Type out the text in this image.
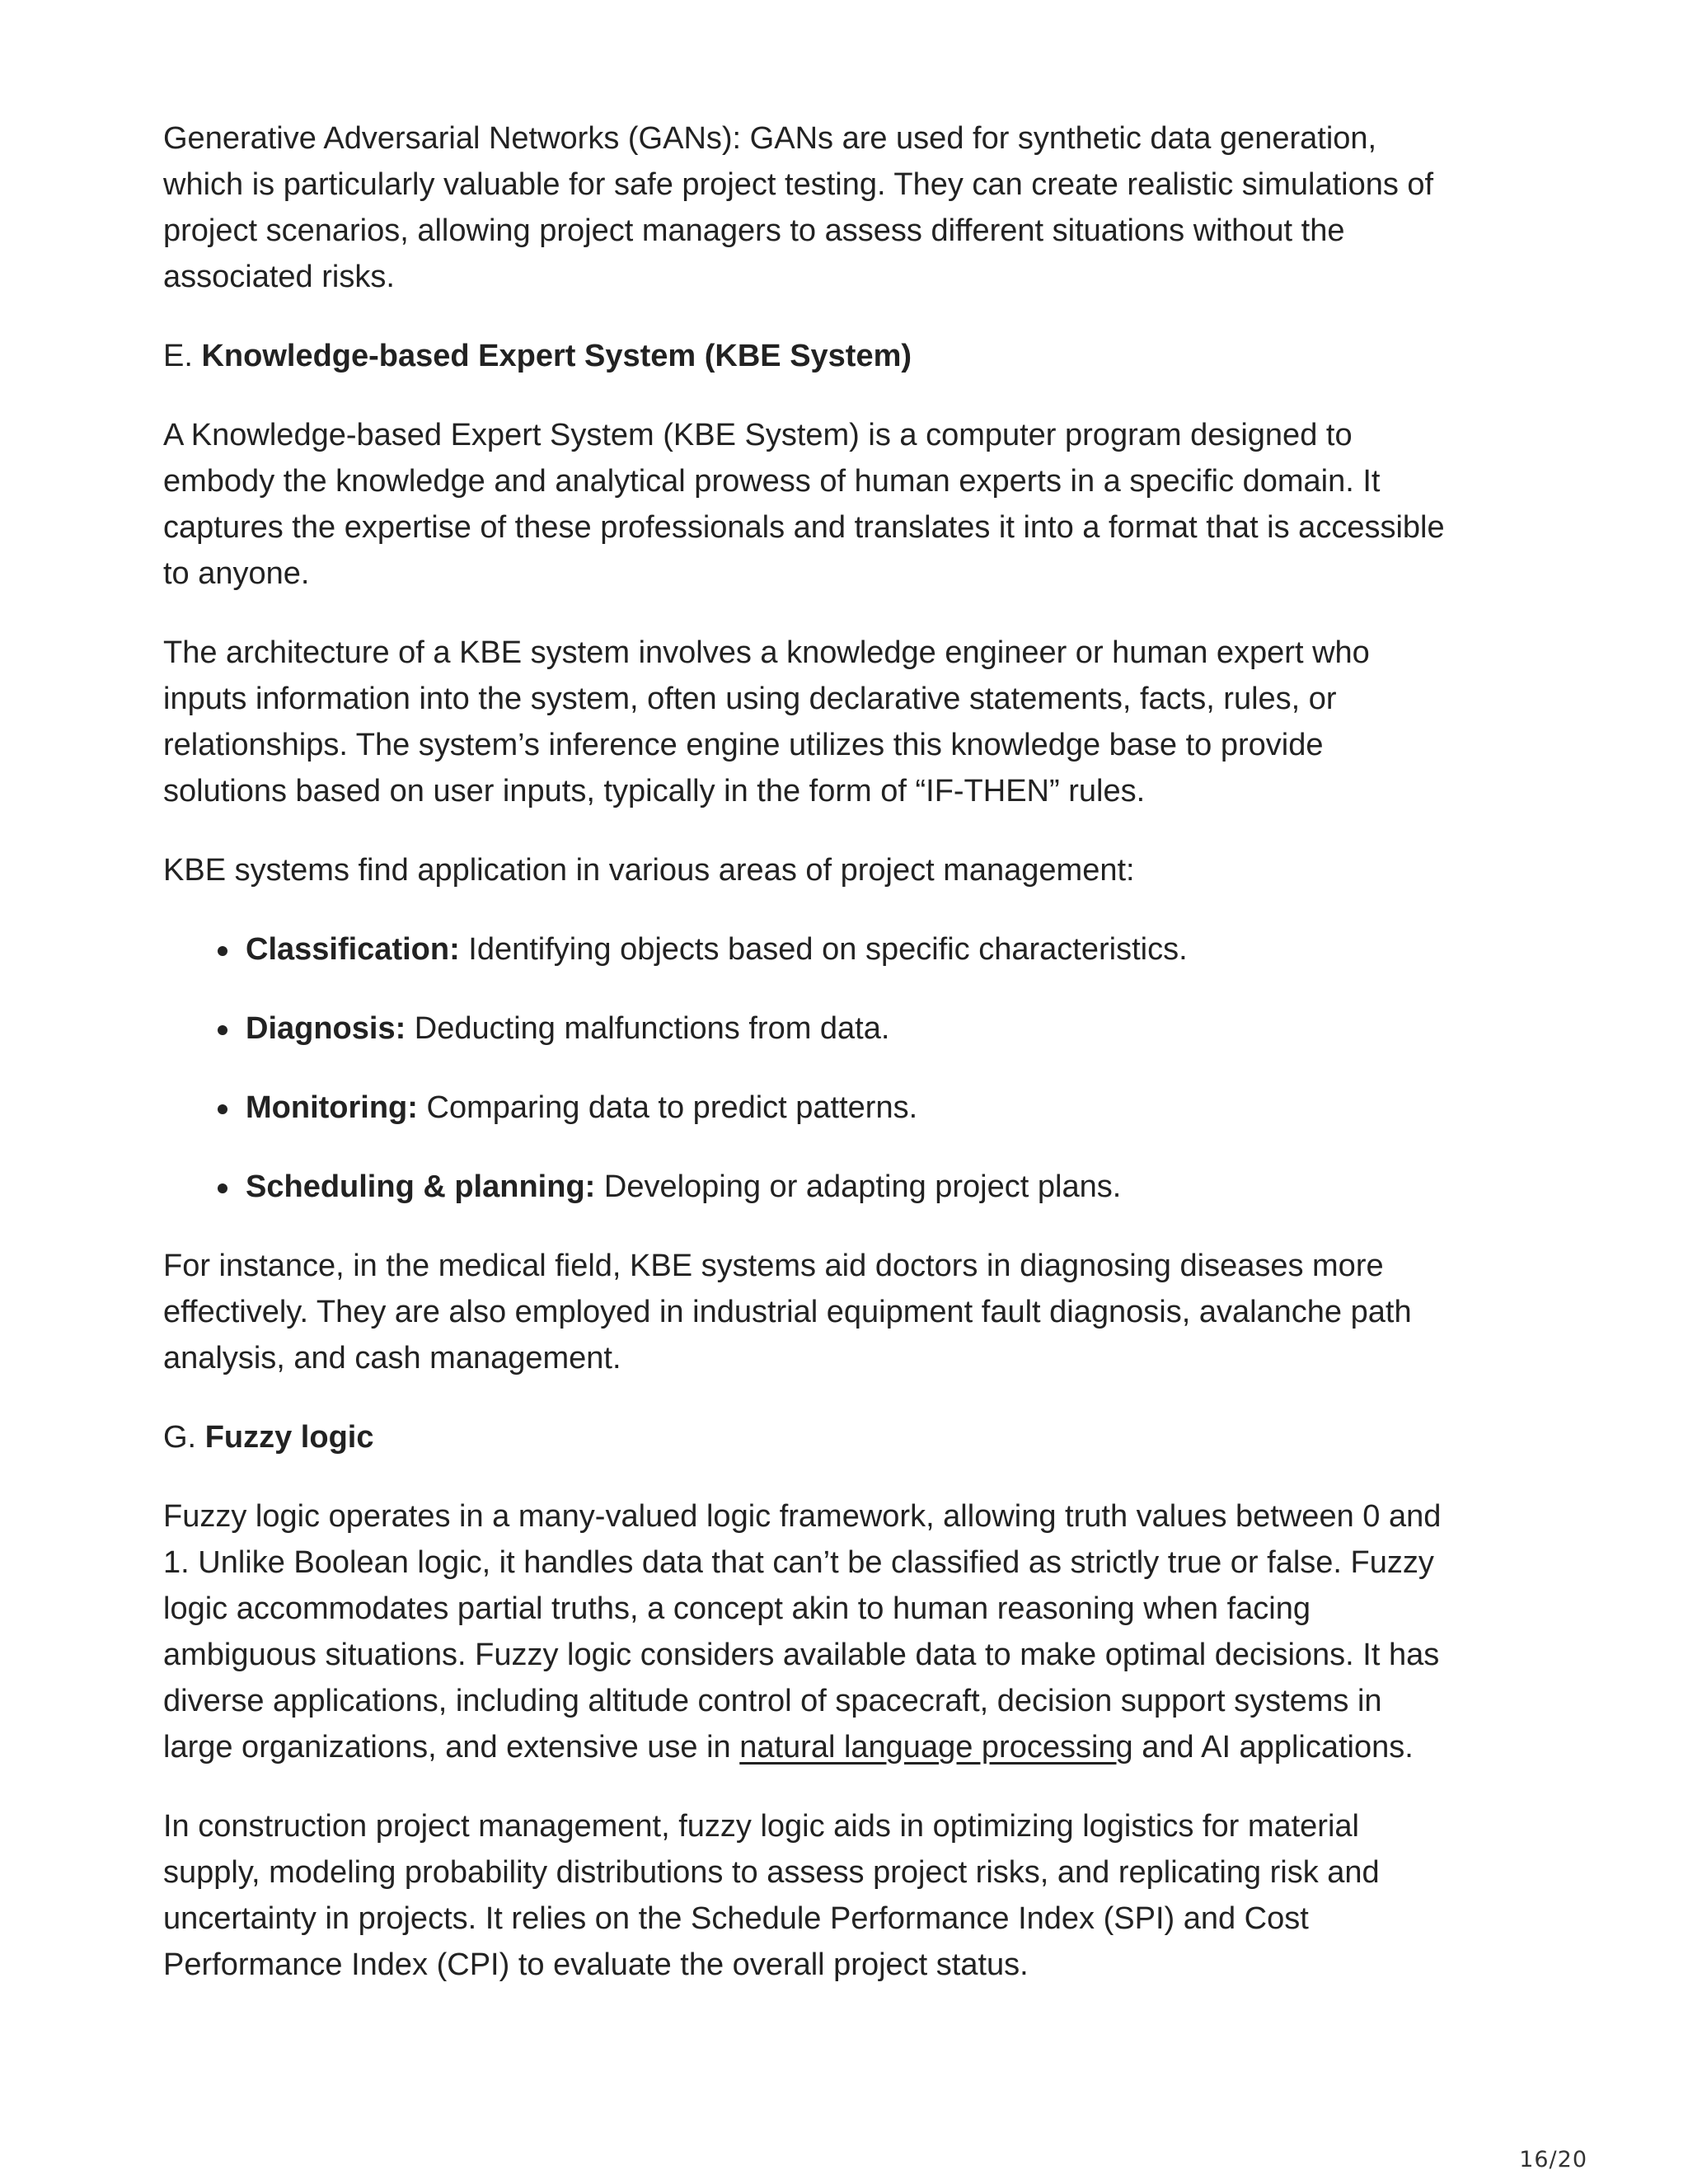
Generative Adversarial Networks (GANs): GANs are used for synthetic data generation,
which is particularly valuable for safe project testing. They can create realistic simulations of
project scenarios, allowing project managers to assess different situations without the
associated risks.

E. Knowledge-based Expert System (KBE System)

A Knowledge-based Expert System (KBE System) is a computer program designed to
embody the knowledge and analytical prowess of human experts in a specific domain. It
captures the expertise of these professionals and translates it into a format that is accessible
to anyone.

The architecture of a KBE system involves a knowledge engineer or human expert who
inputs information into the system, often using declarative statements, facts, rules, or
relationships. The system’s inference engine utilizes this knowledge base to provide
solutions based on user inputs, typically in the form of “IF-THEN” rules.

KBE systems find application in various areas of project management:

Classification: Identifying objects based on specific characteristics.
Diagnosis: Deducting malfunctions from data.
Monitoring: Comparing data to predict patterns.
Scheduling & planning: Developing or adapting project plans.

For instance, in the medical field, KBE systems aid doctors in diagnosing diseases more
effectively. They are also employed in industrial equipment fault diagnosis, avalanche path
analysis, and cash management.

G. Fuzzy logic

Fuzzy logic operates in a many-valued logic framework, allowing truth values between 0 and
1. Unlike Boolean logic, it handles data that can’t be classified as strictly true or false. Fuzzy
logic accommodates partial truths, a concept akin to human reasoning when facing
ambiguous situations. Fuzzy logic considers available data to make optimal decisions. It has
diverse applications, including altitude control of spacecraft, decision support systems in
large organizations, and extensive use in natural language processing and AI applications.

In construction project management, fuzzy logic aids in optimizing logistics for material
supply, modeling probability distributions to assess project risks, and replicating risk and
uncertainty in projects. It relies on the Schedule Performance Index (SPI) and Cost
Performance Index (CPI) to evaluate the overall project status.

16/20
